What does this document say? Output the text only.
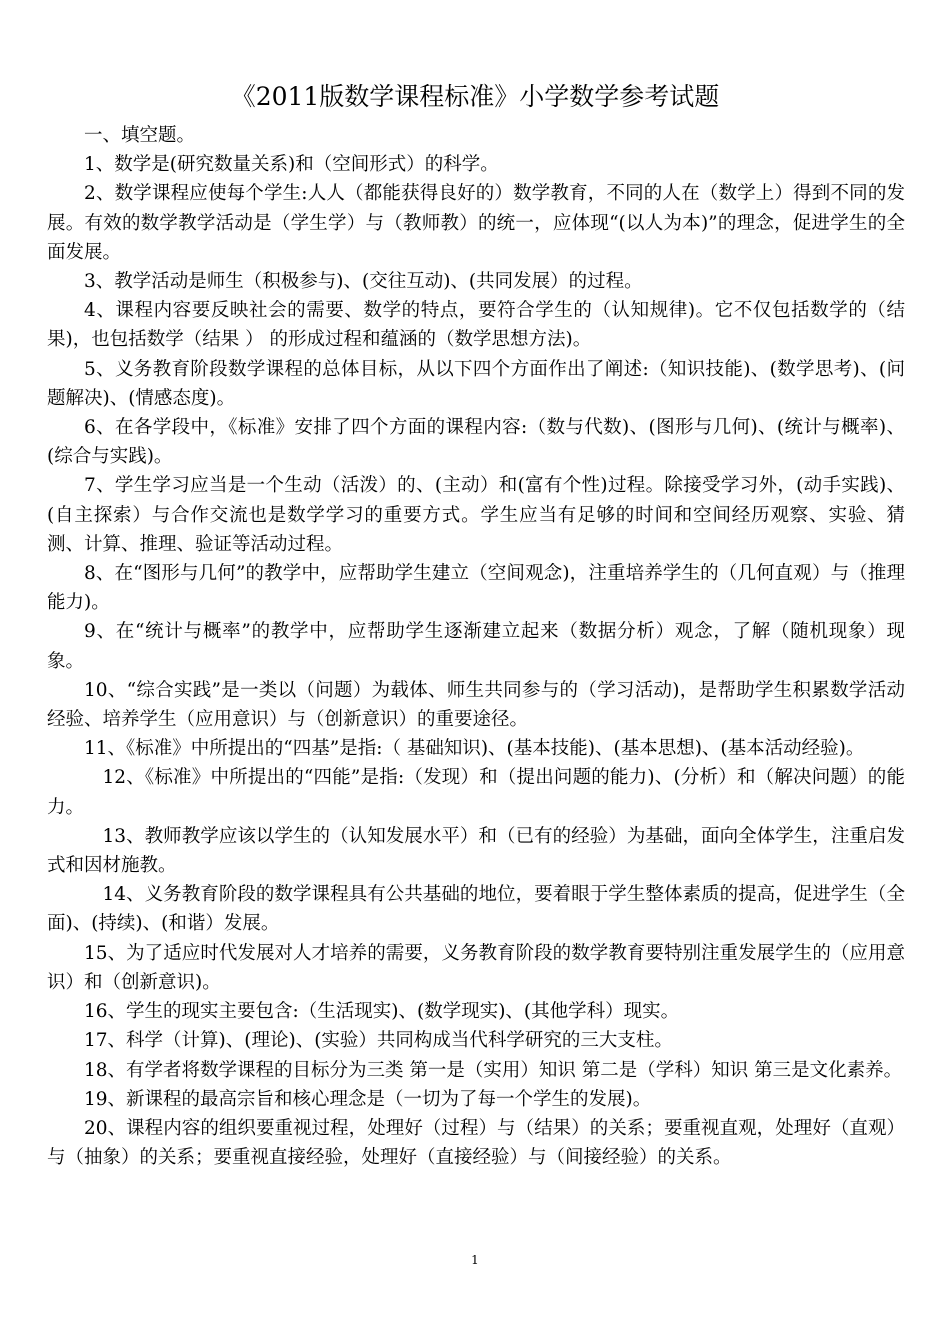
《2011版数学课程标准》小学数学参考试题

一、填空题。

1、数学是(研究数量关系)和（空间形式）的科学。

2、数学课程应使每个学生:人人（都能获得良好的）数学教育，不同的人在（数学上）得到不同的发展。有效的数学教学活动是（学生学）与（教师教）的统一，应体现“(以人为本)”的理念，促进学生的全面发展。

3、教学活动是师生（积极参与)、(交往互动)、(共同发展）的过程。

4、课程内容要反映社会的需要、数学的特点，要符合学生的（认知规律)。它不仅包括数学的（结果)，也包括数学（结果 ） 的形成过程和蕴涵的（数学思想方法)。

5、义务教育阶段数学课程的总体目标，从以下四个方面作出了阐述:（知识技能)、(数学思考)、(问题解决)、(情感态度)。

6、在各学段中，《标准》安排了四个方面的课程内容:（数与代数)、(图形与几何)、(统计与概率)、(综合与实践)。

7、学生学习应当是一个生动（活泼）的、(主动）和(富有个性)过程。除接受学习外，(动手实践)、(自主探索）与合作交流也是数学学习的重要方式。学生应当有足够的时间和空间经历观察、实验、猜测、计算、推理、验证等活动过程。

8、在“图形与几何”的教学中，应帮助学生建立（空间观念)，注重培养学生的（几何直观）与（推理能力)。

9、在“统计与概率”的教学中，应帮助学生逐渐建立起来（数据分析）观念，了解（随机现象）现象。

10、“综合实践”是一类以（问题）为载体、师生共同参与的（学习活动)，是帮助学生积累数学活动经验、培养学生（应用意识）与（创新意识）的重要途径。

11、《标准》中所提出的“四基”是指:（ 基础知识)、(基本技能)、(基本思想)、(基本活动经验)。

12、《标准》中所提出的“四能”是指:（发现）和（提出问题的能力)、(分析）和（解决问题）的能力。

13、教师教学应该以学生的（认知发展水平）和（已有的经验）为基础，面向全体学生，注重启发式和因材施教。

14、义务教育阶段的数学课程具有公共基础的地位，要着眼于学生整体素质的提高，促进学生（全面)、(持续)、(和谐）发展。

15、为了适应时代发展对人才培养的需要，义务教育阶段的数学教育要特别注重发展学生的（应用意识）和（创新意识)。

16、学生的现实主要包含:（生活现实)、(数学现实)、(其他学科）现实。

17、科学（计算)、(理论)、(实验）共同构成当代科学研究的三大支柱。

18、有学者将数学课程的目标分为三类 第一是（实用）知识 第二是（学科）知识 第三是文化素养。

19、新课程的最高宗旨和核心理念是（一切为了每一个学生的发展)。

20、课程内容的组织要重视过程，处理好（过程）与（结果）的关系；要重视直观，处理好（直观）与（抽象）的关系；要重视直接经验，处理好（直接经验）与（间接经验）的关系。

1
